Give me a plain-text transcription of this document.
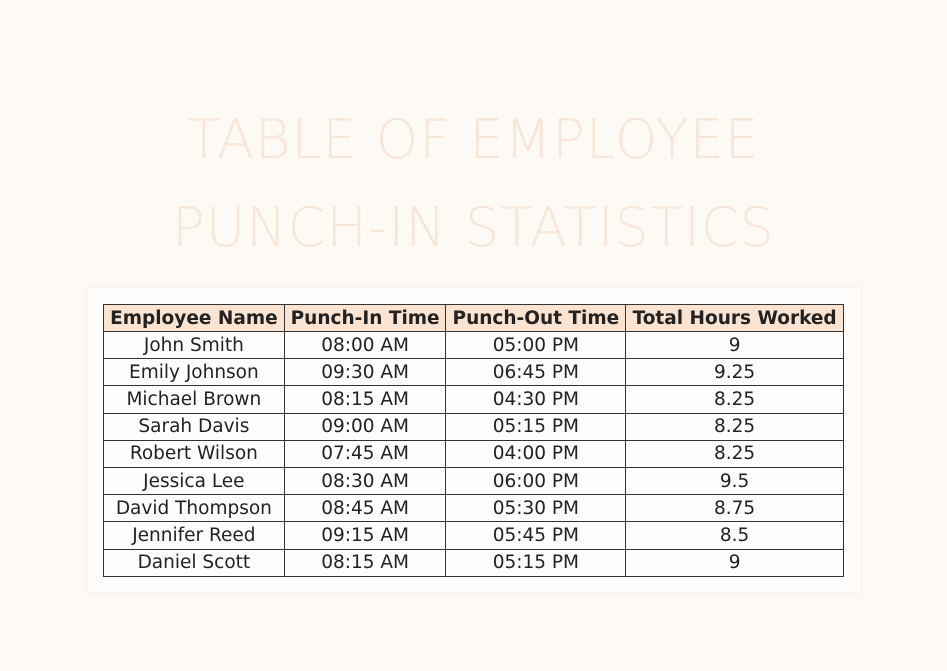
TABLE OF EMPLOYEE
PUNCH-IN STATISTICS
Employee Name	Punch-In Time	Punch-Out Time	Total Hours Worked
John Smith	08:00 AM	05:00 PM	9
Emily Johnson	09:30 AM	06:45 PM	9.25
Michael Brown	08:15 AM	04:30 PM	8.25
Sarah Davis	09:00 AM	05:15 PM	8.25
Robert Wilson	07:45 AM	04:00 PM	8.25
Jessica Lee	08:30 AM	06:00 PM	9.5
David Thompson	08:45 AM	05:30 PM	8.75
Jennifer Reed	09:15 AM	05:45 PM	8.5
Daniel Scott	08:15 AM	05:15 PM	9
